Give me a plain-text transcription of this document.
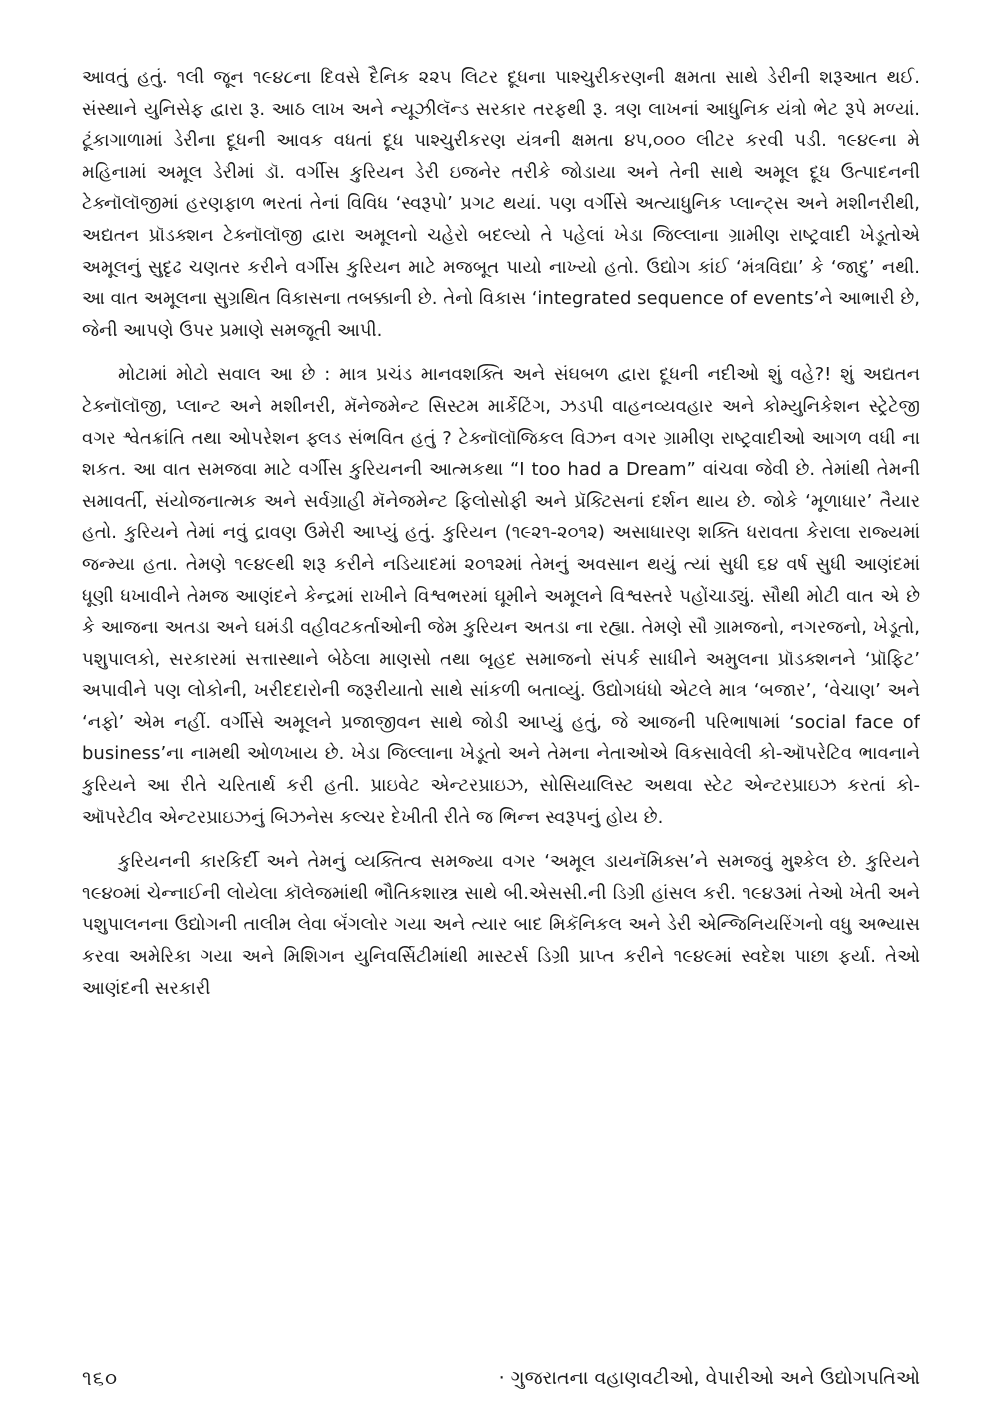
આવતું હતું. ૧લી જૂન ૧૯૪૮ના દિવસે દૈનિક ૨૨૫ લિટર દૂધના પાશ્ચુરીકરણની ક્ષમતા સાથે ડેરીની શરૂઆત થઈ. સંસ્થાને યુનિસેફ દ્વારા રૂ. આઠ લાખ અને ન્યૂઝીલૅન્ડ સરકાર તરફથી રૂ. ત્રણ લાખનાં આધુનિક યંત્રો ભેટ રૂપે મળ્યાં. ટૂંકાગાળામાં ડેરીના દૂધની આવક વધતાં દૂધ પાશ્ચુરીકરણ યંત્રની ક્ષમતા ૪૫,૦૦૦ લીટર કરવી પડી. ૧૯૪૯ના મે મહિનામાં અમૂલ ડેરીમાં ડૉ. વર્ગીસ કુરિયન ડેરી ઇજનેર તરીકે જોડાયા અને તેની સાથે અમૂલ દૂધ ઉત્પાદનની ટેક્નૉલૉજીમાં હરણફાળ ભરતાં તેનાં વિવિધ ‘સ્વરૂપો’ પ્રગટ થયાં. પણ વર્ગીસે અત્યાધુનિક પ્લાન્ટ્સ અને મશીનરીથી, અદ્યતન પ્રૉડક્શન ટેક્નૉલૉજી દ્વારા અમૂલનો ચહેરો બદલ્યો તે પહેલાં ખેડા જિલ્લાના ગ્રામીણ રાષ્ટ્રવાદી ખેડૂતોએ અમૂલનું સુદૃઢ ચણતર કરીને વર્ગીસ કુરિયન માટે મજબૂત પાયો નાખ્યો હતો. ઉદ્યોગ કાંઈ ‘મંત્રવિદ્યા’ કે ‘જાદુ’ નથી. આ વાત અમૂલના સુગ્રથિત વિકાસના તબક્કાની છે. તેનો વિકાસ ‘integrated sequence of events’ને આભારી છે, જેની આપણે ઉપર પ્રમાણે સમજૂતી આપી.

મોટામાં મોટો સવાલ આ છે : માત્ર પ્રચંડ માનવશક્તિ અને સંઘબળ દ્વારા દૂધની નદીઓ શું વહે?! શું અદ્યતન ટેક્નૉલૉજી, પ્લાન્ટ અને મશીનરી, મૅનેજમેન્ટ સિસ્ટમ માર્કેટિંગ, ઝડપી વાહનવ્યવહાર અને કોમ્યુનિકેશન સ્ટ્રેટેજી વગર શ્વેતક્રાંતિ તથા ઓપરેશન ફ્લડ સંભવિત હતું ? ટેક્નૉલૉજિકલ વિઝન વગર ગ્રામીણ રાષ્ટ્રવાદીઓ આગળ વધી ના શકત. આ વાત સમજવા માટે વર્ગીસ કુરિયનની આત્મકથા “I too had a Dream” વાંચવા જેવી છે. તેમાંથી તેમની સમાવર્તી, સંયોજનાત્મક અને સર્વગ્રાહી મૅનેજમેન્ટ ફિલોસોફી અને પ્રૅક્ટિસનાં દર્શન થાય છે. જોકે ‘મૂળાધાર’ તૈયાર હતો. કુરિયને તેમાં નવું દ્રાવણ ઉમેરી આપ્યું હતું. કુરિયન (૧૯૨૧-૨૦૧૨) અસાધારણ શક્તિ ધરાવતા કેરાલા રાજ્યમાં જન્મ્યા હતા. તેમણે ૧૯૪૯થી શરૂ કરીને નડિયાદમાં ૨૦૧૨માં તેમનું અવસાન થયું ત્યાં સુધી ૬૪ વર્ષ સુધી આણંદમાં ધૂણી ધખાવીને તેમજ આણંદને કેન્દ્રમાં રાખીને વિશ્વભરમાં ઘૂમીને અમૂલને વિશ્વસ્તરે પહોંચાડ્યું. સૌથી મોટી વાત એ છે કે આજના અતડા અને ઘમંડી વહીવટકર્તાઓની જેમ કુરિયન અતડા ના રહ્યા. તેમણે સૌ ગ્રામજનો, નગરજનો, ખેડૂતો, પશુપાલકો, સરકારમાં સત્તાસ્થાને બેઠેલા માણસો તથા બૃહદ સમાજનો સંપર્ક સાધીને અમુલના પ્રૉડક્શનને ‘પ્રૉફિટ’ અપાવીને પણ લોકોની, ખરીદદારોની જરૂરીયાતો સાથે સાંકળી બતાવ્યું. ઉદ્યોગધંધો એટલે માત્ર ‘બજાર’, ‘વેચાણ’ અને ‘નફો’ એમ નહીં. વર્ગીસે અમૂલને પ્રજાજીવન સાથે જોડી આપ્યું હતું, જે આજની પરિભાષામાં ‘social face of business’ના નામથી ઓળખાય છે. ખેડા જિલ્લાના ખેડૂતો અને તેમના નેતાઓએ વિકસાવેલી કો-ઑપરેટિવ ભાવનાને કુરિયને આ રીતે ચરિતાર્થ કરી હતી. પ્રાઇવેટ એન્ટરપ્રાઇઝ, સોસિયાલિસ્ટ અથવા સ્ટેટ એન્ટરપ્રાઇઝ કરતાં કો-ઑપરેટીવ એન્ટરપ્રાઇઝનું બિઝનેસ કલ્ચર દેખીતી રીતે જ ભિન્ન સ્વરૂપનું હોય છે.

કુરિયનની કારકિર્દી અને તેમનું વ્યક્તિત્વ સમજ્યા વગર ‘અમૂલ ડાયનૅમિક્સ’ને સમજવું મુશ્કેલ છે. કુરિયને ૧૯૪૦માં ચેન્નાઈની લોયેલા કૉલેજમાંથી ભૌતિકશાસ્ત્ર સાથે બી.એસસી.ની ડિગ્રી હાંસલ કરી. ૧૯૪૩માં તેઓ ખેતી અને પશુપાલનના ઉદ્યોગની તાલીમ લેવા બૅંગલોર ગયા અને ત્યાર બાદ મિકૅનિકલ અને ડેરી એન્જિનિયરિંગનો વધુ અભ્યાસ કરવા અમેરિકા ગયા અને મિશિગન યુનિવર્સિટીમાંથી માસ્ટર્સ ડિગ્રી પ્રાપ્ત કરીને ૧૯૪૯માં સ્વદેશ પાછા ફર્યા. તેઓ આણંદની સરકારી

૧૬૦	· ગુજરાતના વહાણવટીઓ, વેપારીઓ અને ઉદ્યોગપતિઓ
